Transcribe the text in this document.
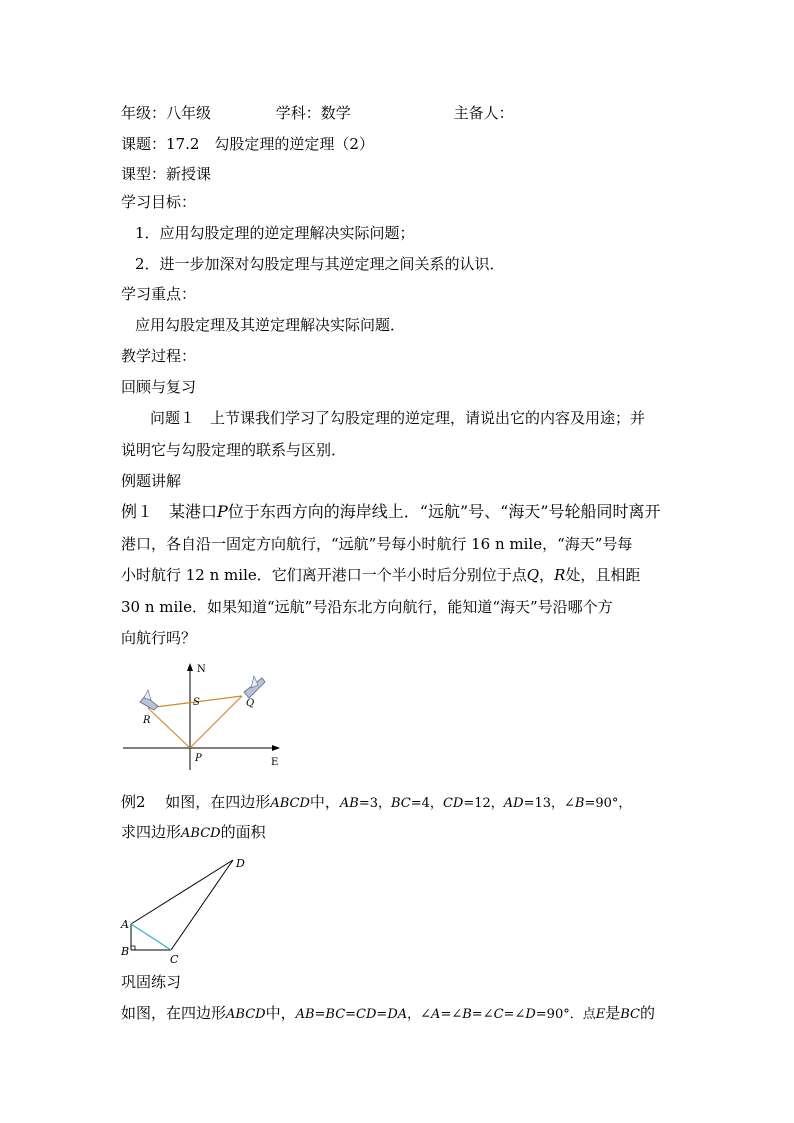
年级：八年级	学科：数学	主备人：
课题：17.2　勾股定理的逆定理（2）
课型：新授课
学习目标：
1．应用勾股定理的逆定理解决实际问题；
2．进一步加深对勾股定理与其逆定理之间关系的认识．
学习重点：
应用勾股定理及其逆定理解决实际问题．
教学过程：
回顾与复习
问题１　上节课我们学习了勾股定理的逆定理，请说出它的内容及用途；并
说明它与勾股定理的联系与区别．
例题讲解
例１　某港口P位于东西方向的海岸线上．“远航”号、“海天”号轮船同时离开
港口，各自沿一固定方向航行，“远航”号每小时航行 16 n mile，“海天”号每
小时航行 12 n mile．它们离开港口一个半小时后分别位于点Q，R处，且相距
30 n mile．如果知道“远航”号沿东北方向航行，能知道“海天”号沿哪个方
向航行吗？
N
E
S	Q
R
P
例2　 如图，在四边形ABCD中，AB=3，BC=4，CD=12，AD=13，∠B=90°，
求四边形ABCD的面积
A
B
C
D
巩固练习
如图，在四边形ABCD中，AB=BC=CD=DA，∠A=∠B=∠C=∠D=90°．点E是BC的
